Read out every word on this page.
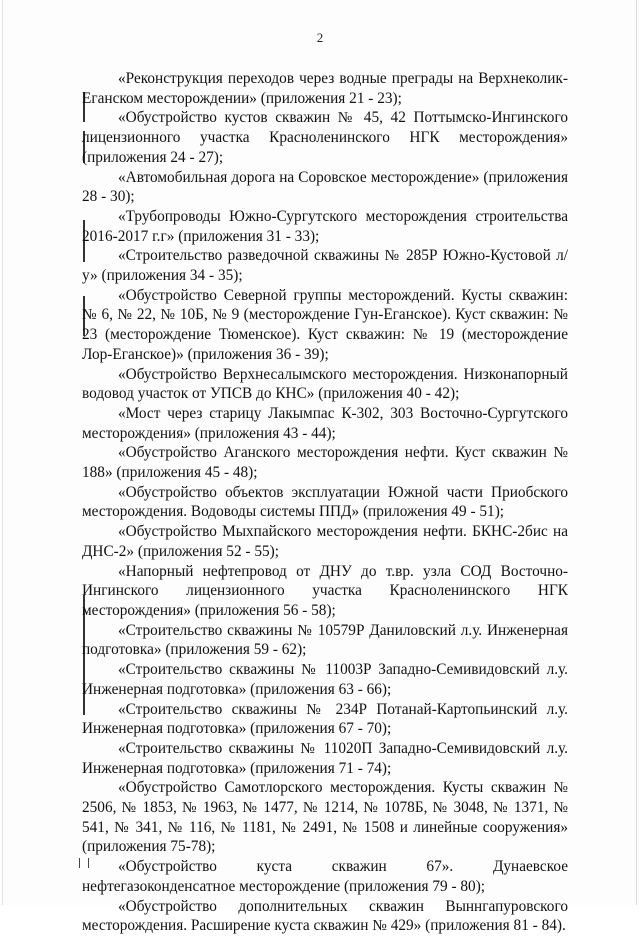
2

«Реконструкция переходов через водные преграды на Верхнеколик-Еганском месторождении» (приложения 21 - 23);

«Обустройство кустов скважин № 45, 42 Поттымско-Ингинского лицензионного участка Красноленинского НГК месторождения» (приложения 24 - 27);

«Автомобильная дорога на Соровское месторождение» (приложения 28 - 30);

«Трубопроводы Южно-Сургутского месторождения строительства 2016-2017 г.г» (приложения 31 - 33);

«Строительство разведочной скважины № 285Р Южно-Кустовой л/у» (приложения 34 - 35);

«Обустройство Северной группы месторождений. Кусты скважин: № 6, № 22, № 10Б, № 9 (месторождение Гун-Еганское). Куст скважин: № 23 (месторождение Тюменское). Куст скважин: № 19 (месторождение Лор-Еганское)» (приложения 36 - 39);

«Обустройство Верхнесалымского месторождения. Низконапорный водовод участок от УПСВ до КНС» (приложения 40 - 42);

«Мост через старицу Лакымпас К-302, 303 Восточно-Сургутского месторождения» (приложения 43 - 44);

«Обустройство Аганского месторождения нефти. Куст скважин № 188» (приложения 45 - 48);

«Обустройство объектов эксплуатации Южной части Приобского месторождения. Водоводы системы ППД» (приложения 49 - 51);

«Обустройство Мыхпайского месторождения нефти. БКНС-2бис на ДНС-2» (приложения 52 - 55);

«Напорный нефтепровод от ДНУ до т.вр. узла СОД Восточно-Ингинского лицензионного участка Красноленинского НГК месторождения» (приложения 56 - 58);

«Строительство скважины № 10579Р Даниловский л.у. Инженерная подготовка» (приложения 59 - 62);

«Строительство скважины № 11003Р Западно-Семивидовский л.у. Инженерная подготовка» (приложения 63 - 66);

«Строительство скважины № 234Р Потанай-Картопьинский л.у. Инженерная подготовка» (приложения 67 - 70);

«Строительство скважины № 11020П Западно-Семивидовский л.у. Инженерная подготовка» (приложения 71 - 74);

«Обустройство Самотлорского месторождения. Кусты скважин № 2506, № 1853, № 1963, № 1477, № 1214, № 1078Б, № 3048, № 1371, № 541, № 341, № 116, № 1181, № 2491, № 1508 и линейные сооружения» (приложения 75-78);

«Обустройство куста скважин 67». Дунаевское нефтегазоконденсатное месторождение (приложения 79 - 80);

«Обустройство дополнительных скважин Выннгапуровского месторождения. Расширение куста скважин № 429» (приложения 81 - 84).
